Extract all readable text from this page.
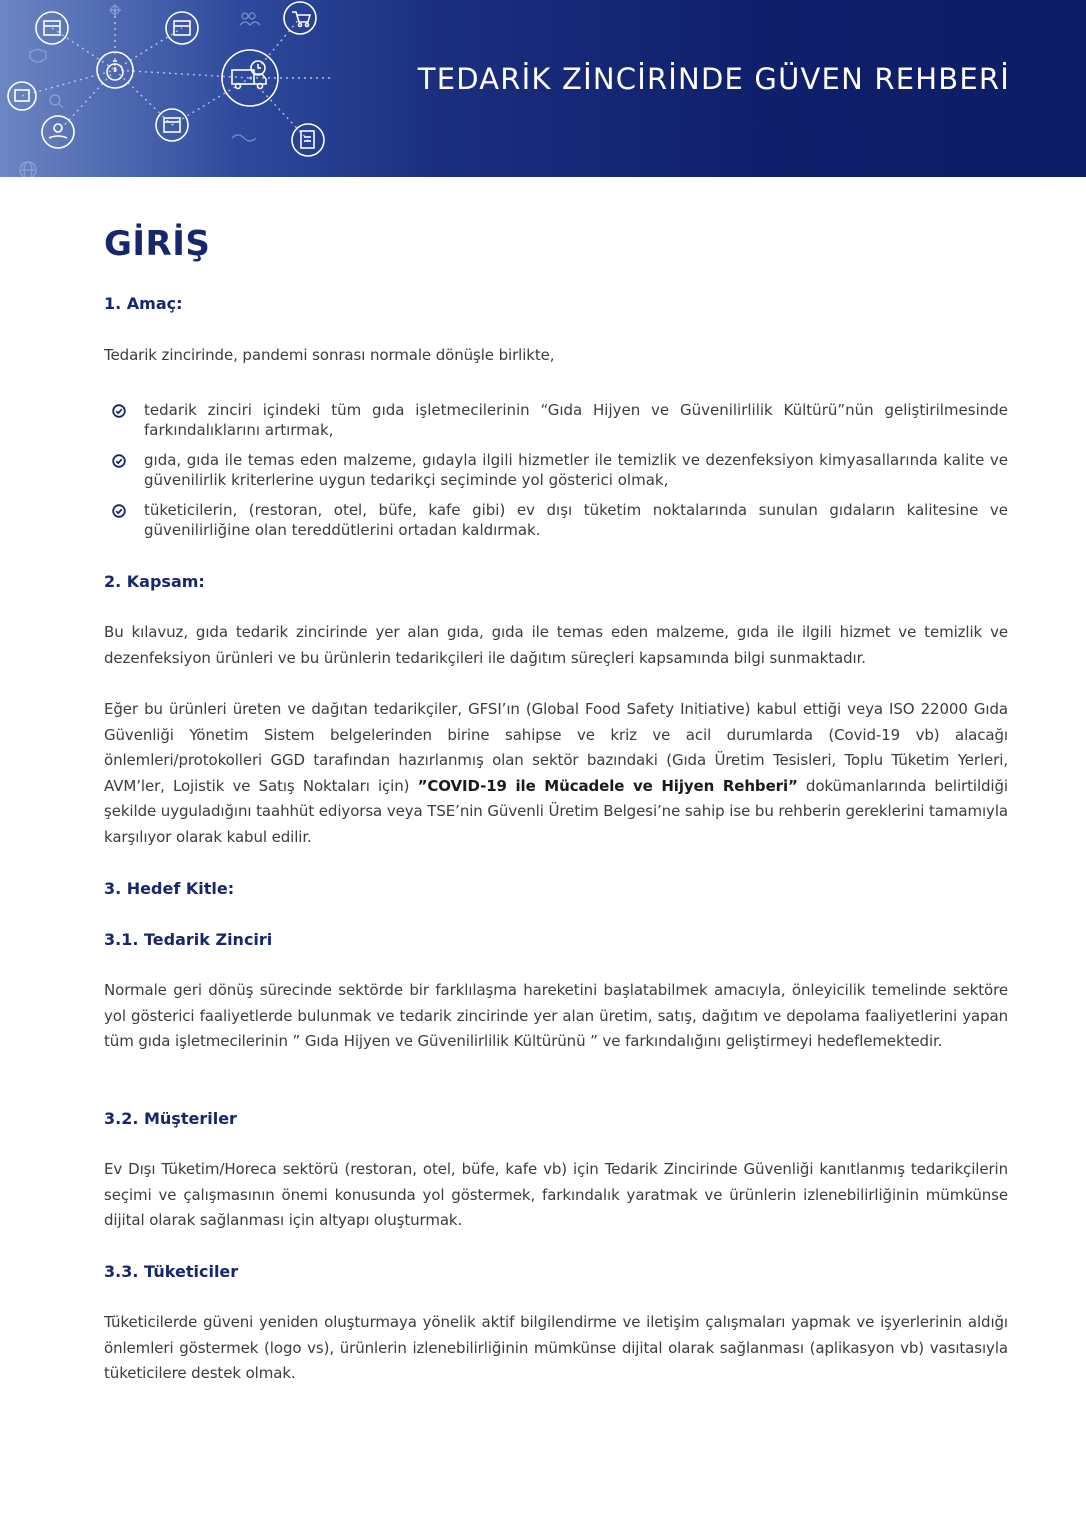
TEDARİK ZİNCİRİNDE GÜVEN REHBERİ
GİRİŞ
1. Amaç:

Tedarik zincirinde, pandemi sonrası normale dönüşle birlikte,

tedarik zinciri içindeki tüm gıda işletmecilerinin “Gıda Hijyen ve Güvenilirlilik Kültürü”nün geliştirilmesinde farkındalıklarını artırmak,
gıda, gıda ile temas eden malzeme, gıdayla ilgili hizmetler ile temizlik ve dezenfeksiyon kimyasallarında kalite ve güvenilirlik kriterlerine uygun tedarikçi seçiminde yol gösterici olmak,
tüketicilerin, (restoran, otel, büfe, kafe gibi) ev dışı tüketim noktalarında sunulan gıdaların kalitesine ve güvenilirliğine olan tereddütlerini ortadan kaldırmak.
2. Kapsam:

Bu kılavuz, gıda tedarik zincirinde yer alan gıda, gıda ile temas eden malzeme, gıda ile ilgili hizmet ve temizlik ve dezenfeksiyon ürünleri ve bu ürünlerin tedarikçileri ile dağıtım süreçleri kapsamında bilgi sunmaktadır.

Eğer bu ürünleri üreten ve dağıtan tedarikçiler, GFSI’ın (Global Food Safety Initiative) kabul ettiği veya ISO 22000 Gıda Güvenliği Yönetim Sistem belgelerinden birine sahipse ve kriz ve acil durumlarda (Covid-19 vb) alacağı önlemleri/protokolleri GGD tarafından hazırlanmış olan sektör bazındaki (Gıda Üretim Tesisleri, Toplu Tüketim Yerleri, AVM’ler, Lojistik ve Satış Noktaları için) ”COVID-19 ile Mücadele ve Hijyen Rehberi” dokümanlarında belirtildiği şekilde uyguladığını taahhüt ediyorsa veya TSE’nin Güvenli Üretim Belgesi’ne sahip ise bu rehberin gereklerini tamamıyla karşılıyor olarak kabul edilir.

3. Hedef Kitle:
3.1. Tedarik Zinciri

Normale geri dönüş sürecinde sektörde bir farklılaşma hareketini başlatabilmek amacıyla, önleyicilik temelinde sektöre yol gösterici faaliyetlerde bulunmak ve tedarik zincirinde yer alan üretim, satış, dağıtım ve depolama faaliyetlerini yapan tüm gıda işletmecilerinin ” Gıda Hijyen ve Güvenilirlilik Kültürünü ” ve farkındalığını geliştirmeyi hedeflemektedir.

3.2. Müşteriler

Ev Dışı Tüketim/Horeca sektörü (restoran, otel, büfe, kafe vb) için Tedarik Zincirinde Güvenliği kanıtlanmış tedarikçilerin seçimi ve çalışmasının önemi konusunda yol göstermek, farkındalık yaratmak ve ürünlerin izlenebilirliğinin mümkünse dijital olarak sağlanması için altyapı oluşturmak.

3.3. Tüketiciler

Tüketicilerde güveni yeniden oluşturmaya yönelik aktif bilgilendirme ve iletişim çalışmaları yapmak ve işyerlerinin aldığı önlemleri göstermek (logo vs), ürünlerin izlenebilirliğinin mümkünse dijital olarak sağlanması (aplikasyon vb) vasıtasıyla tüketicilere destek olmak.
